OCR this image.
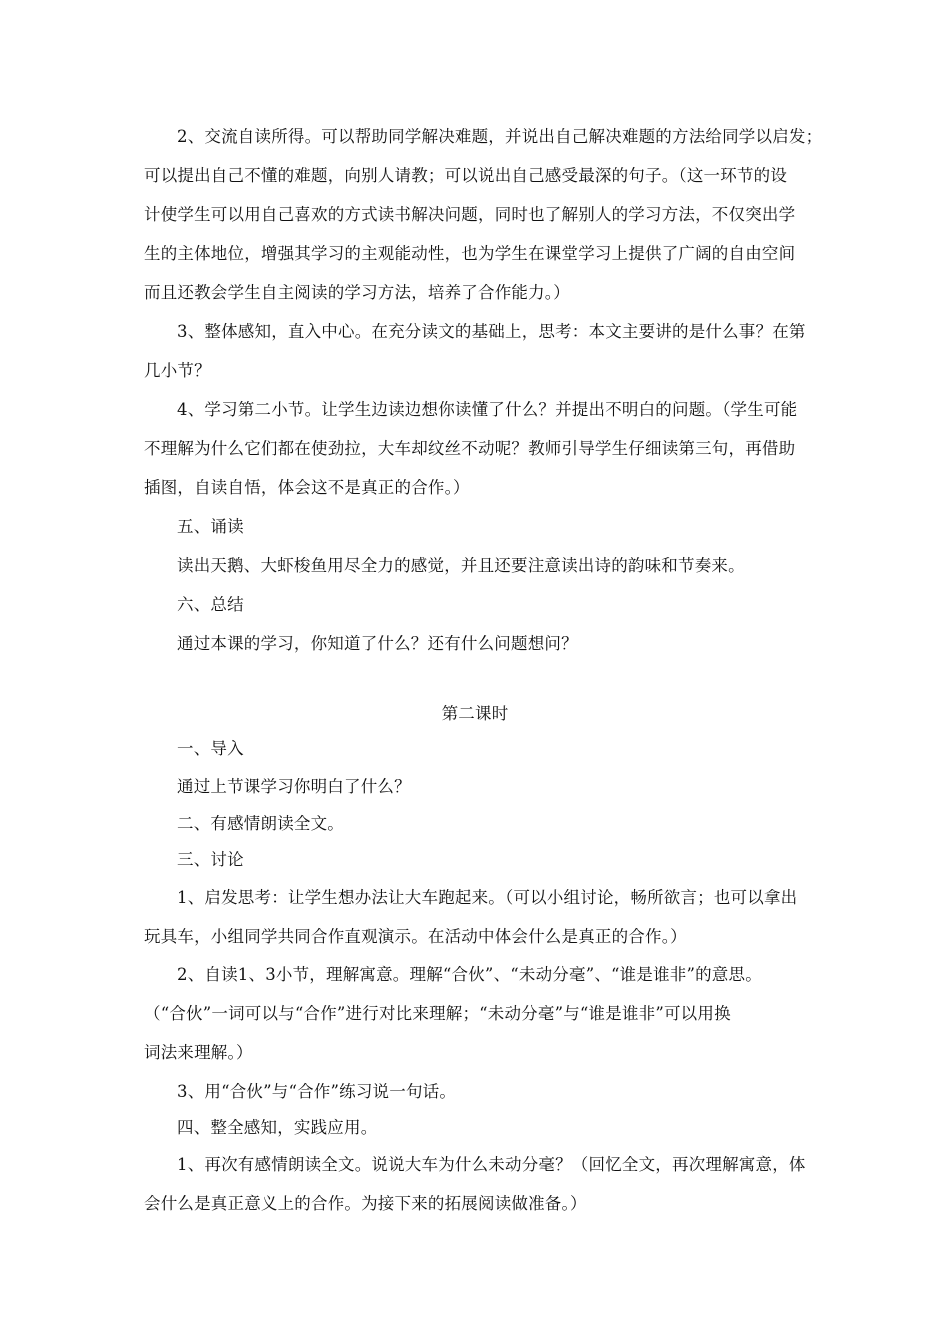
2、交流自读所得。可以帮助同学解决难题，并说出自己解决难题的方法给同学以启发；
可以提出自己不懂的难题，向别人请教；可以说出自己感受最深的句子。（这一环节的设
计使学生可以用自己喜欢的方式读书解决问题，同时也了解别人的学习方法，不仅突出学
生的主体地位，增强其学习的主观能动性，也为学生在课堂学习上提供了广阔的自由空间
而且还教会学生自主阅读的学习方法，培养了合作能力。）
3、整体感知，直入中心。在充分读文的基础上，思考：本文主要讲的是什么事？在第
几小节？
4、学习第二小节。让学生边读边想你读懂了什么？并提出不明白的问题。（学生可能
不理解为什么它们都在使劲拉，大车却纹丝不动呢？教师引导学生仔细读第三句，再借助
插图，自读自悟，体会这不是真正的合作。）
五、诵读
读出天鹅、大虾梭鱼用尽全力的感觉，并且还要注意读出诗的韵味和节奏来。
六、总结
通过本课的学习，你知道了什么？还有什么问题想问？
第二课时
一、导入
通过上节课学习你明白了什么？
二、有感情朗读全文。
三、讨论
1、启发思考：让学生想办法让大车跑起来。（可以小组讨论，畅所欲言；也可以拿出
玩具车，小组同学共同合作直观演示。在活动中体会什么是真正的合作。）
2、自读1、3小节，理解寓意。理解“合伙”、“未动分毫”、“谁是谁非”的意思。
（“合伙”一词可以与“合作”进行对比来理解；“未动分毫”与“谁是谁非”可以用换
词法来理解。）
3、用“合伙”与“合作”练习说一句话。
四、整全感知，实践应用。
1、再次有感情朗读全文。说说大车为什么未动分毫？（回忆全文，再次理解寓意，体
会什么是真正意义上的合作。为接下来的拓展阅读做准备。）
